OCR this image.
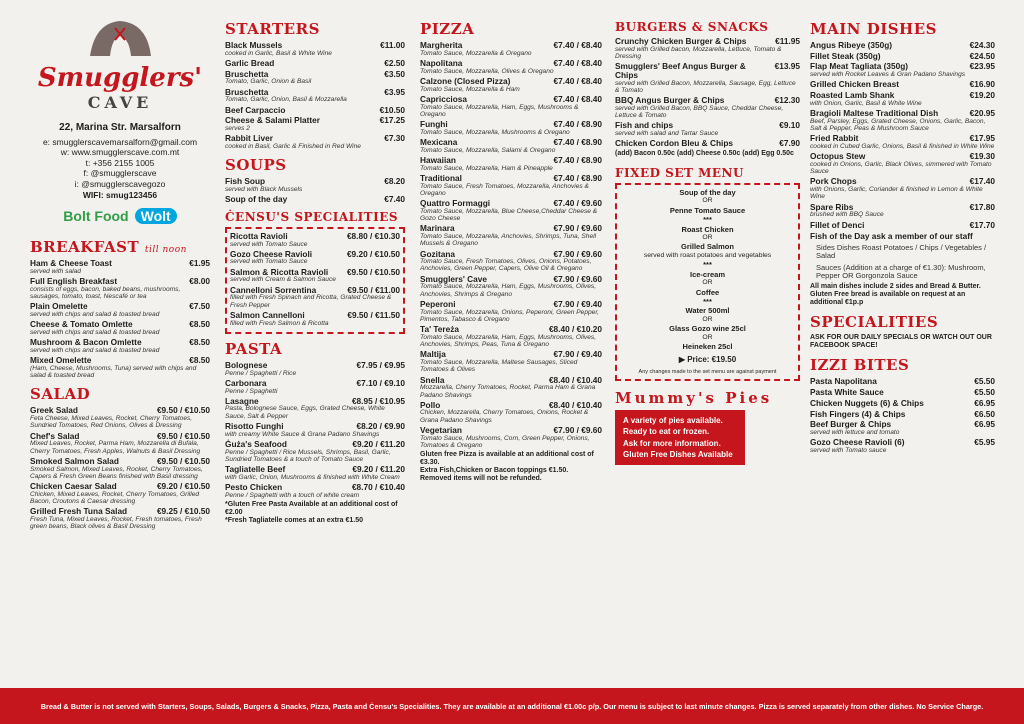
Smugglers'
CAVE
22, Marina Str. Marsalforn
e: smugglerscavemarsalforn@gmail.com
w: www.smugglerscave.com.mt
t: +356 2155 1005
f: @smugglerscave
i: @smugglerscavegozo
WIFI: smug123456
Bolt Food Wolt
BREAKFAST till noon
Ham & Cheese Toast	€1.95
served with salad
Full English Breakfast	€8.00
consists of eggs, bacon, baked beans, mushrooms, sausages, tomato, toast, Nescafé or tea
Plain Omelette	€7.50
served with chips and salad & toasted bread
Cheese & Tomato Omlette	€8.50
served with chips and salad & toasted bread
Mushroom & Bacon Omlette	€8.50
served with chips and salad & toasted bread
Mixed Omelette	€8.50
(Ham, Cheese, Mushrooms, Tuna) served with chips and salad & toasted bread
SALAD
Greek Salad	€9.50 / €10.50
Feta Cheese, Mixed Leaves, Rocket, Cherry Tomatoes, Sundried Tomatoes, Red Onions, Olives & Dressing
Chef's Salad	€9.50 / €10.50
Mixed Leaves, Rocket, Parma Ham, Mozzarella di Bufala, Cherry Tomatoes, Fresh Apples, Walnuts & Basil Dressing
Smoked Salmon Salad	€9.50 / €10.50
Smoked Salmon, Mixed Leaves, Rocket, Cherry Tomatoes, Capers & Fresh Green Beans finished with Basil dressing
Chicken Caesar Salad	€9.20 / €10.50
Chicken, Mixed Leaves, Rocket, Cherry Tomatoes, Grilled Bacon, Croutons & Caesar dressing
Grilled Fresh Tuna Salad	€9.25 / €10.50
Fresh Tuna, Mixed Leaves, Rocket, Fresh tomatoes, Fresh green beans, Black olives & Basil Dressing
STARTERS
Black Mussels	€11.00
cooked in Garlic, Basil & White Wine
Garlic Bread	€2.50
Bruschetta	€3.50
Tomato, Garlic, Onion & Basil
Bruschetta	€3.95
Tomato, Garlic, Onion, Basil & Mozzarella
Beef Carpaccio	€10.50
Cheese & Salami Platter	€17.25
serves 2
Rabbit Liver	€7.30
cooked in Basil, Garlic & Finished in Red Wine
SOUPS
Fish Soup	€8.20
served with Black Mussels
Soup of the day	€7.40
ĊENSU'S SPECIALITIES
Ricotta Ravioli	€8.80 / €10.30
served with Tomato Sauce
Gozo Cheese Ravioli	€9.20 / €10.50
served with Tomato Sauce
Salmon & Ricotta Ravioli €9.50 / €10.50
served with Cream & Salmon Sauce
Cannelloni Sorrentina	€9.50 / €11.00
filled with Fresh Spinach and Ricotta, Grated Cheese & Fresh Pepper
Salmon Cannelloni	€9.50 / €11.50
filled with Fresh Salmon & Ricotta
PASTA
Bolognese	€7.95 / €9.95
Penne / Spaghetti / Rice
Carbonara	€7.10 / €9.10
Penne / Spaghetti
Lasagne	€8.95 / €10.95
Pasta, Bolognese Sauce, Eggs, Grated Cheese, White Sauce, Salt & Pepper
Risotto Funghi	€8.20 / €9.90
with creamy White Sauce & Grana Padano Shavings
Ġuża's Seafood	€9.20 / €11.20
Penne / Spaghetti / Rice Mussels, Shrimps, Basil, Garlic, Sundried Tomatoes & a touch of Tomato Sauce
Tagliatelle Beef	€9.20 / €11.20
with Garlic, Onion, Mushrooms & finished with White Cream
Pesto Chicken	€8.70 / €10.40
Penne / Spaghetti with a touch of white cream
*Gluten Free Pasta Available at an additional cost of €2.00
*Fresh Tagliatelle comes at an extra €1.50
PIZZA
Margherita	€7.40 / €8.40
Tomato Sauce, Mozzarella & Oregano
Napolitana	€7.40 / €8.40
Tomato Sauce, Mozzarella, Olives & Oregano
Calzone (Closed Pizza)	€7.40 / €8.40
Tomato Sauce, Mozzarella & Ham
Capricciosa	€7.40 / €8.40
Tomato Sauce, Mozzarella, Ham, Eggs, Mushrooms & Oregano
Funghi	€7.40 / €8.90
Tomato Sauce, Mozzarella, Mushrooms & Oregano
Mexicana	€7.40 / €8.90
Tomato Sauce, Mozzarella, Salami & Oregano
Hawaiian	€7.40 / €8.90
Tomato Sauce, Mozzarella, Ham & Pineapple
Traditional	€7.40 / €8.90
Tomato Sauce, Fresh Tomatoes, Mozzarella, Anchovies & Oregano
Quattro Formaggi	€7.40 / €9.60
Tomato Sauce, Mozzarella, Blue Cheese,Cheddar Cheese & Gozo Cheese
Marinara	€7.90 / €9.60
Tomato Sauce, Mozzarella, Anchovies, Shrimps, Tuna, Shell Mussels & Oregano
Gozitana	€7.90 / €9.60
Tomato Sauce, Fresh Tomatoes, Olives, Onions, Potatoes, Anchovies, Green Pepper, Capers, Olive Oil & Oregano
Smugglers' Cave	€7.90 / €9.60
Tomato Sauce, Mozzarella, Ham, Eggs, Mushrooms, Olives, Anchovies, Shrimps & Oregano
Peperoni	€7.90 / €9.40
Tomato Sauce, Mozzarella, Onions, Peperoni, Green Pepper, Pimentos, Tabasco & Oregano
Ta' Tereża	€8.40 / €10.20
Tomato Sauce, Mozzarella, Ham, Eggs, Mushrooms, Olives, Anchovies, Shrimps, Peas, Tuna & Oregano
Maltija	€7.90 / €9.40
Tomato Sauce, Mozzarella, Maltese Sausages, Sliced Tomatoes & Olives
Snella	€8.40 / €10.40
Mozzarella, Cherry Tomatoes, Rocket, Parma Ham & Grana Padano Shavings
Pollo	€8.40 / €10.40
Chicken, Mozzarella, Cherry Tomatoes, Onions, Rocket & Grana Padano Shavings
Vegetarian	€7.90 / €9.60
Tomato Sauce, Mushrooms, Corn, Green Pepper, Onions, Tomatoes & Oregano
Gluten free Pizza is available at an additional cost of €3.30.
Extra Fish,Chicken or Bacon toppings €1.50.
Removed items will not be refunded.
BURGERS & SNACKS
Crunchy Chicken Burger & Chips	€11.95
served with Grilled bacon, Mozzarella, Lettuce, Tomato & Dressing
Smugglers' Beef Angus Burger & Chips
€13.95
served with Grilled Bacon, Mozzarella, Sausage, Egg, Lettuce & Tomato
BBQ Angus Burger & Chips	€12.30
served with Grilled Bacon, BBQ Sauce, Cheddar Cheese, Lettuce & Tomato
Fish and chips	€9.10
served with salad and Tartar Sauce
Chicken Cordon Bleu & Chips	€7.90
(add) Bacon 0.50c (add) Cheese 0.50c (add) Egg 0.50c
FIXED SET MENU
Soup of the day
OR
Penne Tomato Sauce
***
Roast Chicken
OR
Grilled Salmon
served with roast potatoes and vegetables
***
Ice-cream
OR
Coffee
***
Water 500ml
OR
Glass Gozo wine 25cl
OR
Heineken 25cl
▶ Price: €19.50
Any changes made to the set menu are against payment
Mummy's Pies
A variety of pies available.
Ready to eat or frozen.
Ask for more information.
Gluten Free Dishes Available
MAIN DISHES
Angus Ribeye (350g)	€24.30
Fillet Steak (350g)	€24.50
Flap Meat Tagliata (350g)	€23.95
served with Rocket Leaves & Gran Padano Shavings
Grilled Chicken Breast	€16.90
Roasted Lamb Shank	€19.20
with Onion, Garlic, Basil & White Wine
Bragioli Maltese Traditional Dish	€20.95
Beef, Parsley, Eggs, Grated Cheese, Onions, Garlic, Bacon, Salt & Pepper, Peas & Mushroom Sauce
Fried Rabbit	€17.95
cooked in Cubed Garlic, Onions, Basil & finished in White Wine
Octopus Stew	€19.30
cooked in Onions, Garlic, Black Olives, simmered with Tomato Sauce
Pork Chops	€17.40
with Onions, Garlic, Coriander & finished in Lemon & White Wine
Spare Ribs	€17.80
brushed with BBQ Sauce
Fillet of Denci	€17.70
Fish of the Day ask a member of our staff
Sides Dishes Roast Potatoes / Chips / Vegetables / Salad
Sauces (Addition at a charge of €1.30): Mushroom, Pepper OR Gorgonzola Sauce
All main dishes include 2 sides and Bread & Butter. Gluten Free bread is available on request at an additional €1p.p
SPECIALITIES
ASK FOR OUR DAILY SPECIALS OR WATCH OUT OUR FACEBOOK SPACE!
IZZI BITES
Pasta Napolitana	€5.50
Pasta White Sauce	€5.50
Chicken Nuggets (6) & Chips	€6.95
Fish Fingers (4) & Chips	€6.50
Beef Burger & Chips	€6.95
served with lettuce and tomato
Gozo Cheese Ravioli (6)	€5.95
served with Tomato sauce
Bread & Butter is not served with Starters, Soups, Salads, Burgers & Snacks, Pizza, Pasta and Ċensu's Specialities. They are available at an additional €1.00c p/p. Our menu is subject to last minute changes. Pizza is served separately from other dishes. No Service Charge.
